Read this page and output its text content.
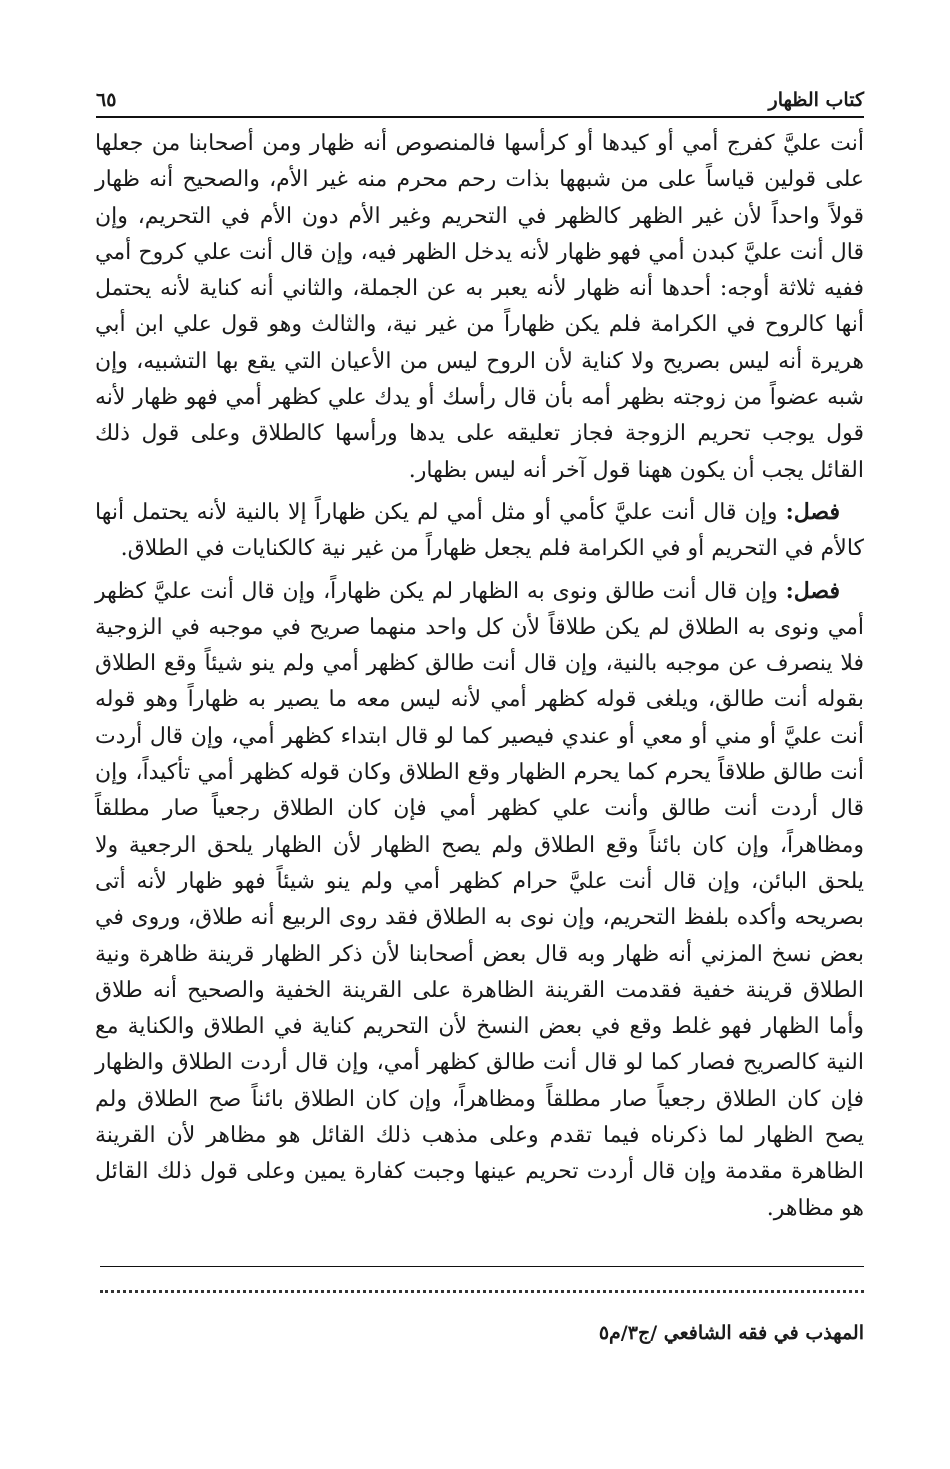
كتاب الظهار
٦٥

أنت عليَّ كفرج أمي أو كيدها أو كرأسها فالمنصوص أنه ظهار ومن أصحابنا من جعلها على قولين قياساً على من شبهها بذات رحم محرم منه غير الأم، والصحيح أنه ظهار قولاً واحداً لأن غير الظهر كالظهر في التحريم وغير الأم دون الأم في التحريم، وإن قال أنت عليَّ كبدن أمي فهو ظهار لأنه يدخل الظهر فيه، وإن قال أنت علي كروح أمي ففيه ثلاثة أوجه: أحدها أنه ظهار لأنه يعبر به عن الجملة، والثاني أنه كناية لأنه يحتمل أنها كالروح في الكرامة فلم يكن ظهاراً من غير نية، والثالث وهو قول علي ابن أبي هريرة أنه ليس بصريح ولا كناية لأن الروح ليس من الأعيان التي يقع بها التشبيه، وإن شبه عضواً من زوجته بظهر أمه بأن قال رأسك أو يدك علي كظهر أمي فهو ظهار لأنه قول يوجب تحريم الزوجة فجاز تعليقه على يدها ورأسها كالطلاق وعلى قول ذلك القائل يجب أن يكون ههنا قول آخر أنه ليس بظهار.

فصل: وإن قال أنت عليَّ كأمي أو مثل أمي لم يكن ظهاراً إلا بالنية لأنه يحتمل أنها كالأم في التحريم أو في الكرامة فلم يجعل ظهاراً من غير نية كالكنايات في الطلاق.

فصل: وإن قال أنت طالق ونوى به الظهار لم يكن ظهاراً، وإن قال أنت عليَّ كظهر أمي ونوى به الطلاق لم يكن طلاقاً لأن كل واحد منهما صريح في موجبه في الزوجية فلا ينصرف عن موجبه بالنية، وإن قال أنت طالق كظهر أمي ولم ينو شيئاً وقع الطلاق بقوله أنت طالق، ويلغى قوله كظهر أمي لأنه ليس معه ما يصير به ظهاراً وهو قوله أنت عليَّ أو مني أو معي أو عندي فيصير كما لو قال ابتداء كظهر أمي، وإن قال أردت أنت طالق طلاقاً يحرم كما يحرم الظهار وقع الطلاق وكان قوله كظهر أمي تأكيداً، وإن قال أردت أنت طالق وأنت علي كظهر أمي فإن كان الطلاق رجعياً صار مطلقاً ومظاهراً، وإن كان بائناً وقع الطلاق ولم يصح الظهار لأن الظهار يلحق الرجعية ولا يلحق البائن، وإن قال أنت عليَّ حرام كظهر أمي ولم ينو شيئاً فهو ظهار لأنه أتى بصريحه وأكده بلفظ التحريم، وإن نوى به الطلاق فقد روى الربيع أنه طلاق، وروى في بعض نسخ المزني أنه ظهار وبه قال بعض أصحابنا لأن ذكر الظهار قرينة ظاهرة ونية الطلاق قرينة خفية فقدمت القرينة الظاهرة على القرينة الخفية والصحيح أنه طلاق وأما الظهار فهو غلط وقع في بعض النسخ لأن التحريم كناية في الطلاق والكناية مع النية كالصريح فصار كما لو قال أنت طالق كظهر أمي، وإن قال أردت الطلاق والظهار فإن كان الطلاق رجعياً صار مطلقاً ومظاهراً، وإن كان الطلاق بائناً صح الطلاق ولم يصح الظهار لما ذكرناه فيما تقدم وعلى مذهب ذلك القائل هو مظاهر لأن القرينة الظاهرة مقدمة وإن قال أردت تحريم عينها وجبت كفارة يمين وعلى قول ذلك القائل هو مظاهر.

المهذب في فقه الشافعي /ج٣/م٥
